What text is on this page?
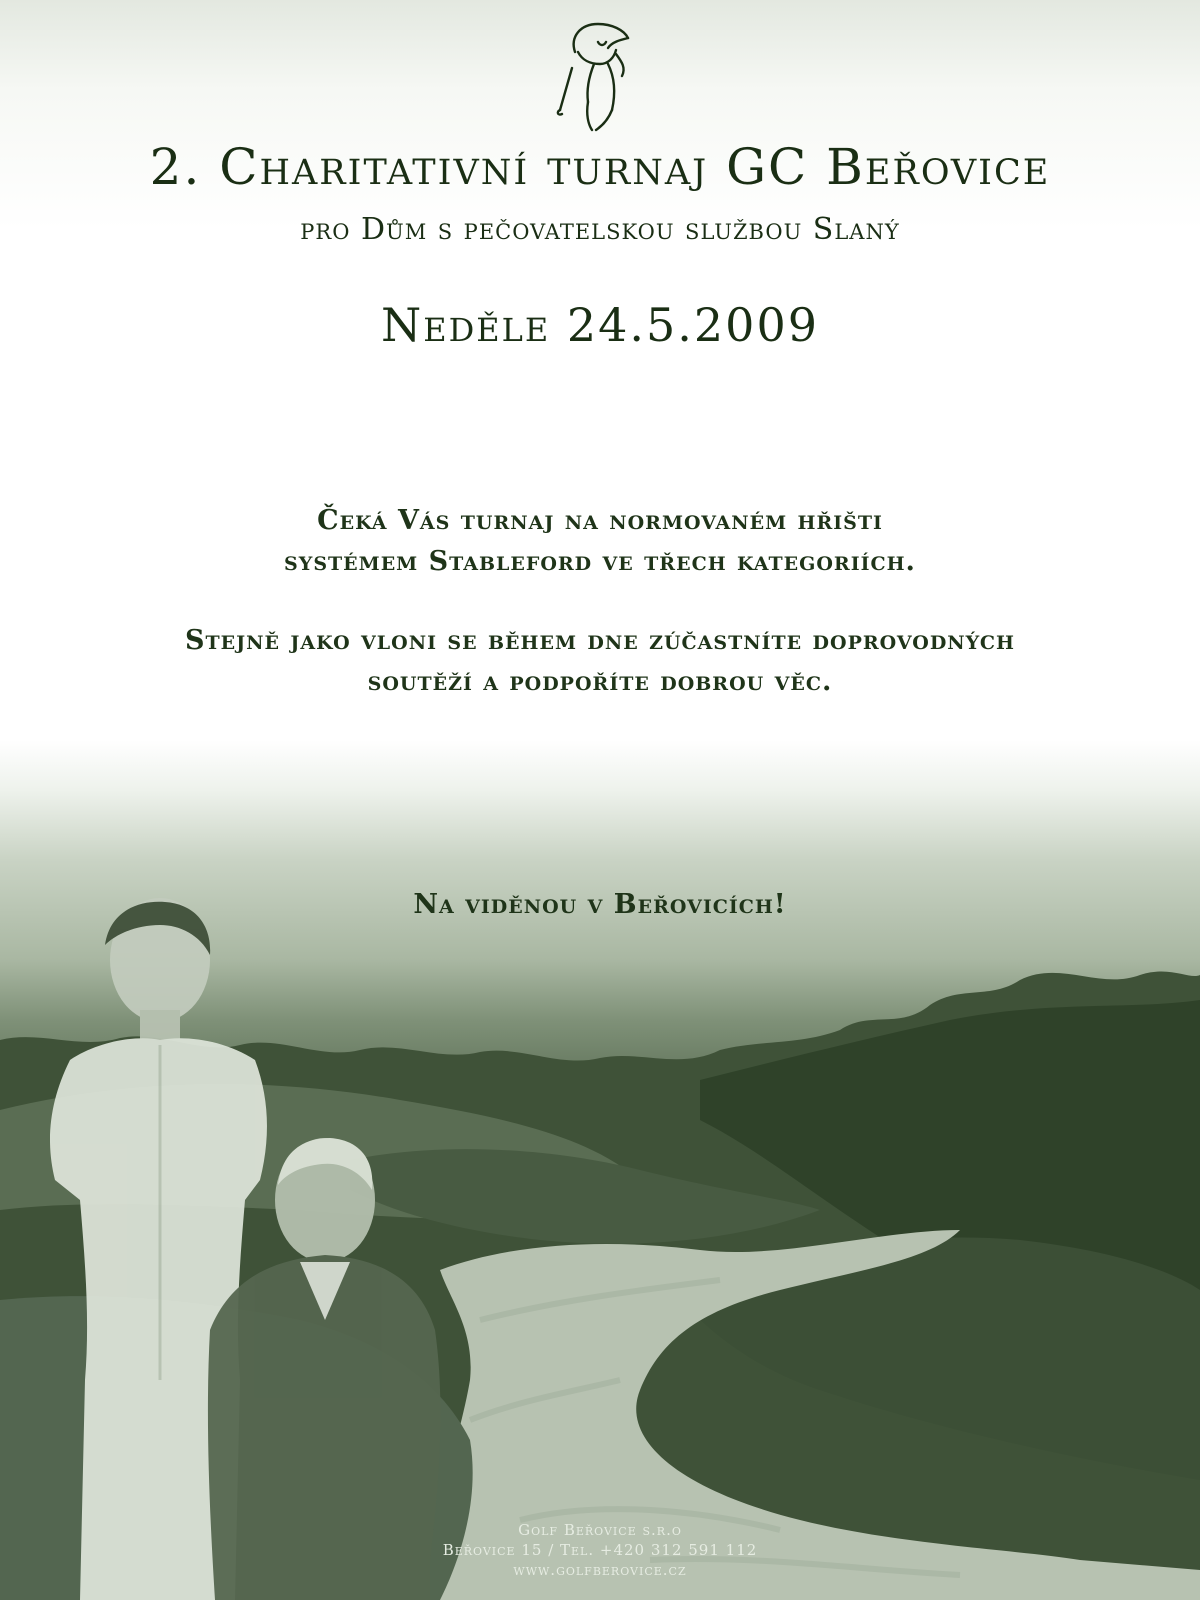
2. Charitativní turnaj GC Beřovice
pro Dům s pečovatelskou službou Slaný
Neděle 24.5.2009
Čeká Vás turnaj na normovaném hřišti
systémem Stableford ve třech kategoriích.
Stejně jako vloni se během dne zúčastníte doprovodných
soutěží a podpoříte dobrou věc.
Na viděnou v Beřovicích!
Golf Beřovice s.r.o
Beřovice 15 / Tel. +420 312 591 112
www.golfberovice.cz
